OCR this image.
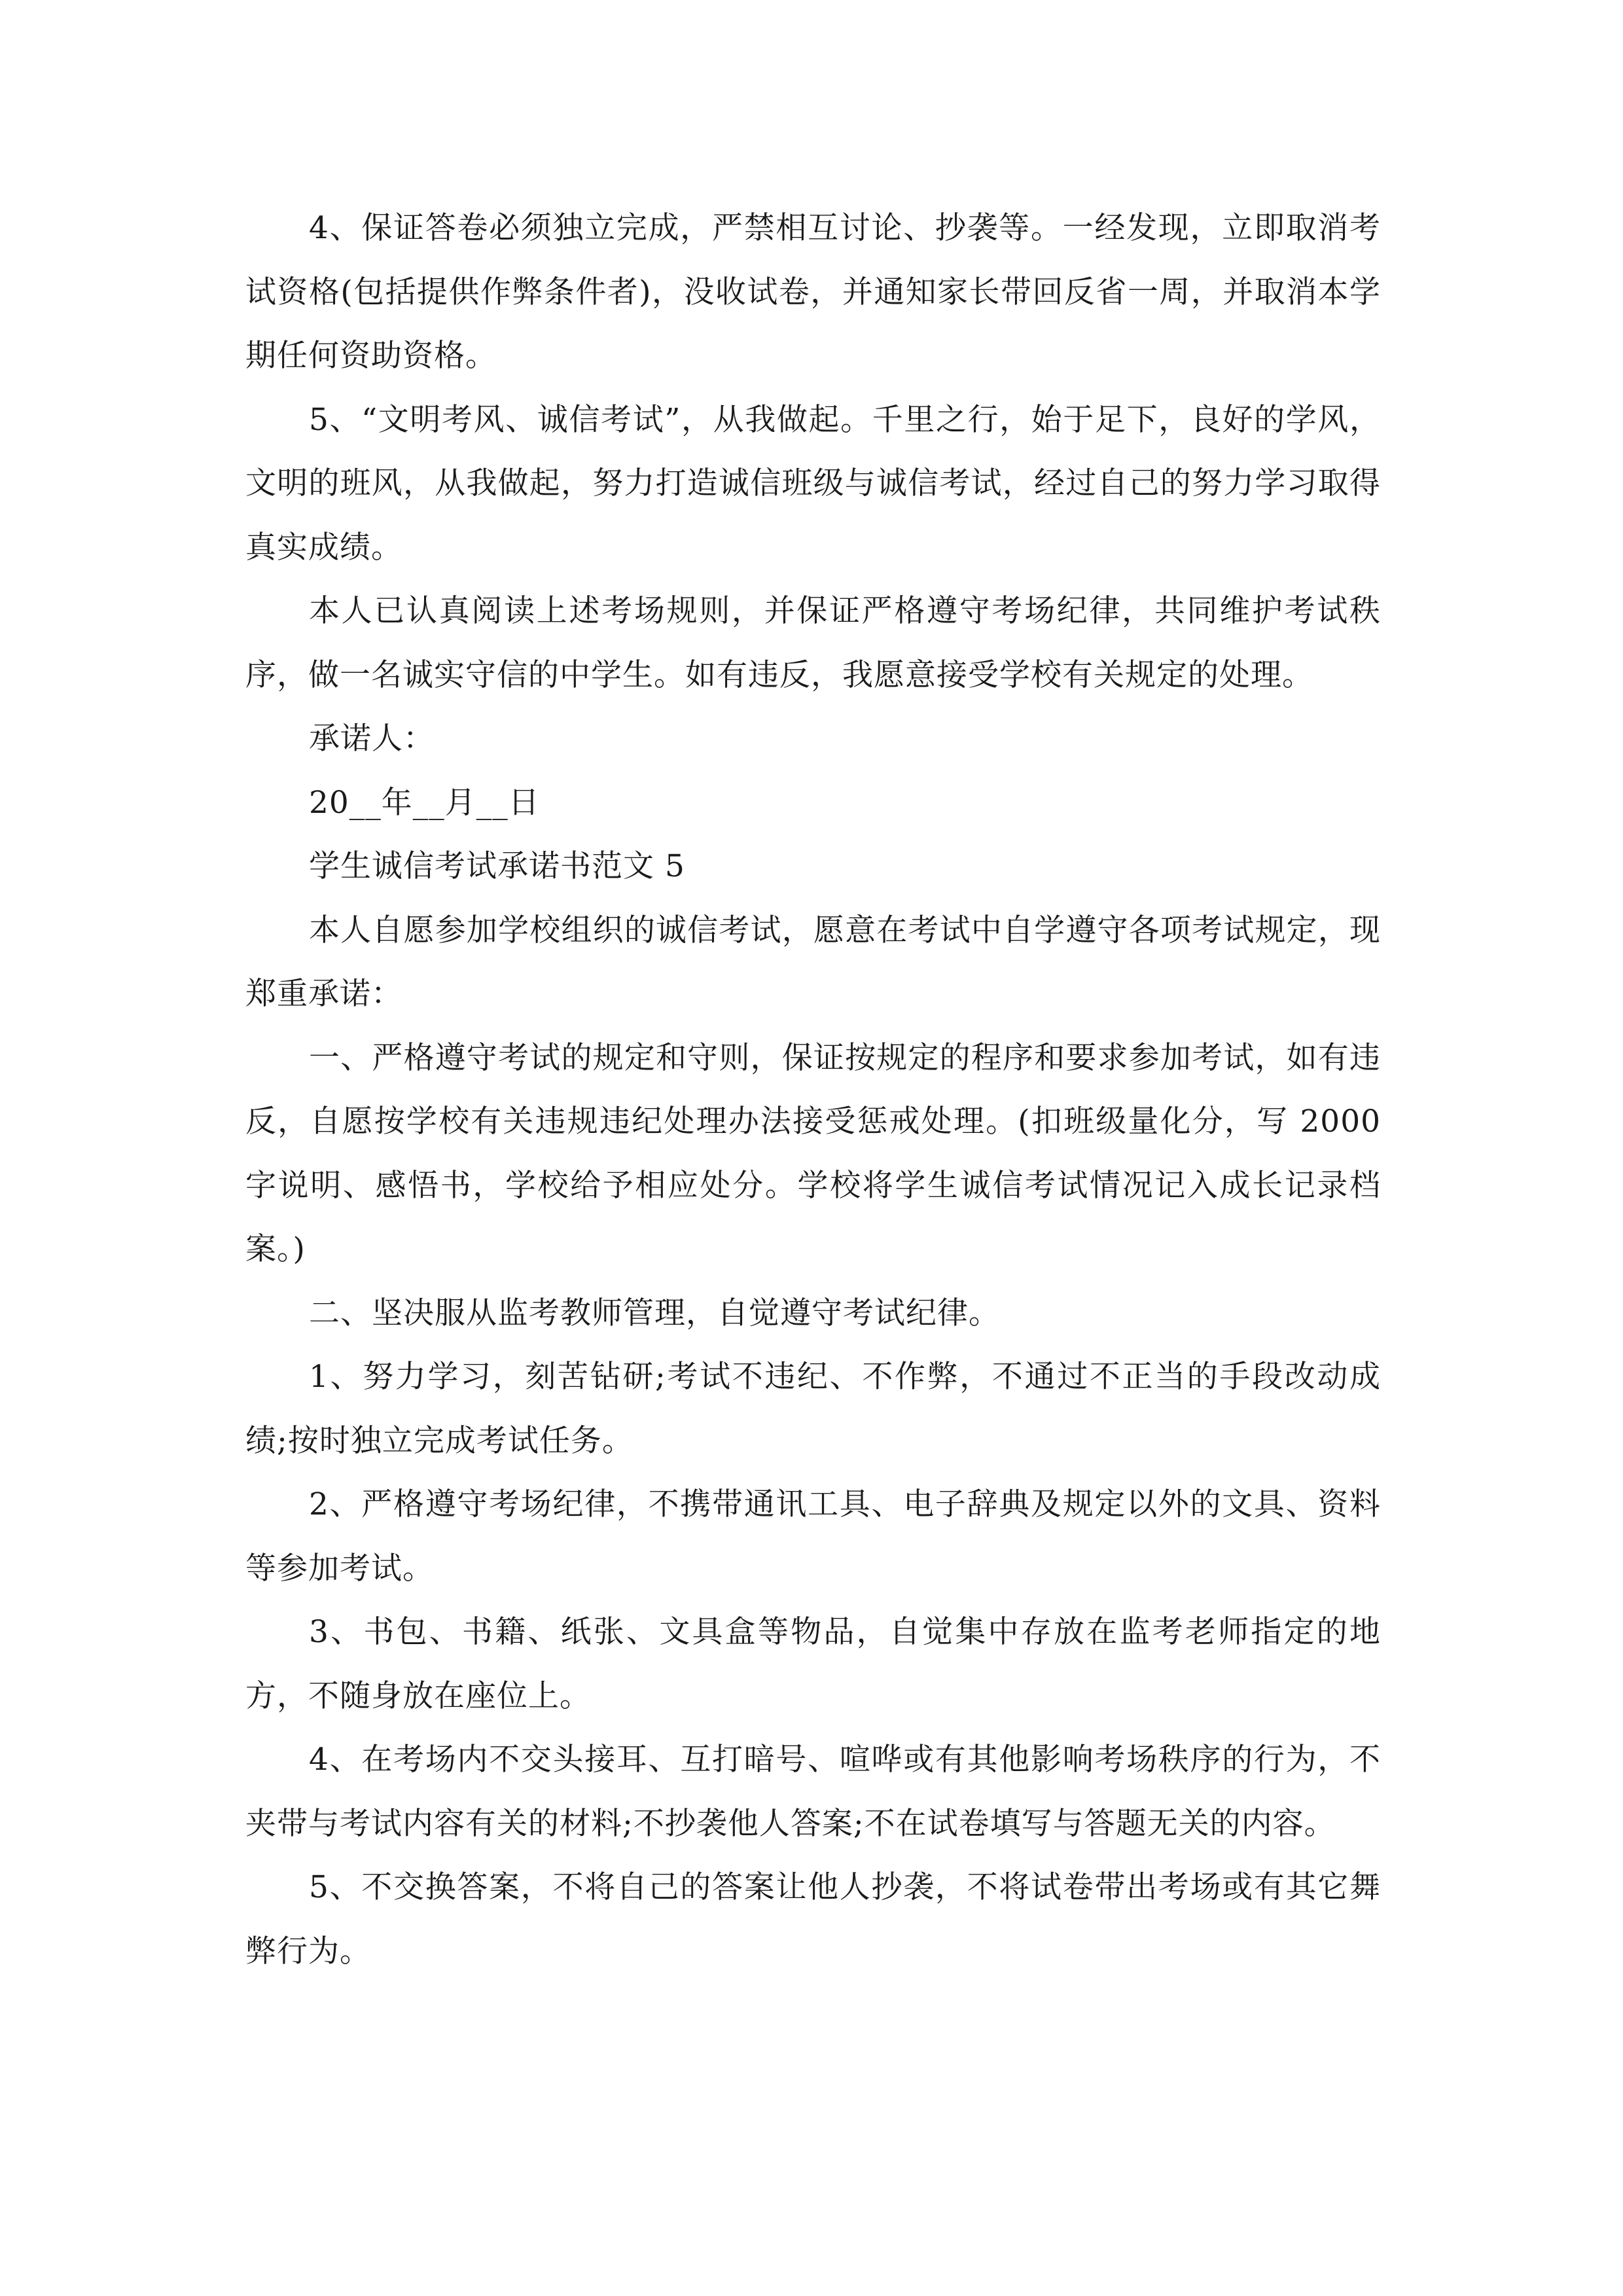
4、保证答卷必须独立完成，严禁相互讨论、抄袭等。一经发现，立即取消考试资格(包括提供作弊条件者)，没收试卷，并通知家长带回反省一周，并取消本学期任何资助资格。

5、“文明考风、诚信考试”，从我做起。千里之行，始于足下，良好的学风，文明的班风，从我做起，努力打造诚信班级与诚信考试，经过自己的努力学习取得真实成绩。

本人已认真阅读上述考场规则，并保证严格遵守考场纪律，共同维护考试秩序，做一名诚实守信的中学生。如有违反，我愿意接受学校有关规定的处理。

承诺人：

20__年__月__日

学生诚信考试承诺书范文 5

本人自愿参加学校组织的诚信考试，愿意在考试中自学遵守各项考试规定，现郑重承诺：

一、严格遵守考试的规定和守则，保证按规定的程序和要求参加考试，如有违反，自愿按学校有关违规违纪处理办法接受惩戒处理。(扣班级量化分，写 2000 字说明、感悟书，学校给予相应处分。学校将学生诚信考试情况记入成长记录档案。)

二、坚决服从监考教师管理，自觉遵守考试纪律。

1、努力学习，刻苦钻研;考试不违纪、不作弊，不通过不正当的手段改动成绩;按时独立完成考试任务。

2、严格遵守考场纪律，不携带通讯工具、电子辞典及规定以外的文具、资料等参加考试。

3、书包、书籍、纸张、文具盒等物品，自觉集中存放在监考老师指定的地方，不随身放在座位上。

4、在考场内不交头接耳、互打暗号、喧哗或有其他影响考场秩序的行为，不夹带与考试内容有关的材料;不抄袭他人答案;不在试卷填写与答题无关的内容。

5、不交换答案，不将自己的答案让他人抄袭，不将试卷带出考场或有其它舞弊行为。
